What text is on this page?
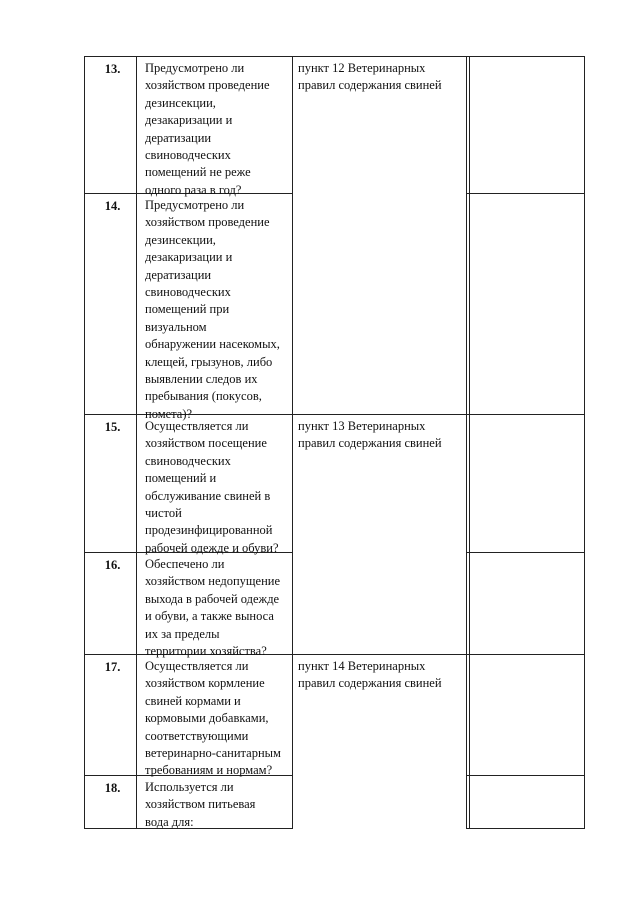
13.	Предусмотрено ли
хозяйством проведение
дезинсекции,
дезакаризации и
дератизации
свиноводческих
помещений не реже
одного раза в год?
пункт 12 Ветеринарных
правил содержания свиней
14.	Предусмотрено ли
хозяйством проведение
дезинсекции,
дезакаризации и
дератизации
свиноводческих
помещений при
визуальном
обнаружении насекомых,
клещей, грызунов, либо
выявлении следов их
пребывания (покусов,
помета)?
15.	Осуществляется ли
хозяйством посещение
свиноводческих
помещений и
обслуживание свиней в
чистой
продезинфицированной
рабочей одежде и обуви?
пункт 13 Ветеринарных
правил содержания свиней
16.	Обеспечено ли
хозяйством недопущение
выхода в рабочей одежде
и обуви, а также выноса
их за пределы
территории хозяйства?
17.	Осуществляется ли
хозяйством кормление
свиней кормами и
кормовыми добавками,
соответствующими
ветеринарно-санитарным
требованиям и нормам?
пункт 14 Ветеринарных
правил содержания свиней
18.	Используется ли
хозяйством питьевая
вода для:
